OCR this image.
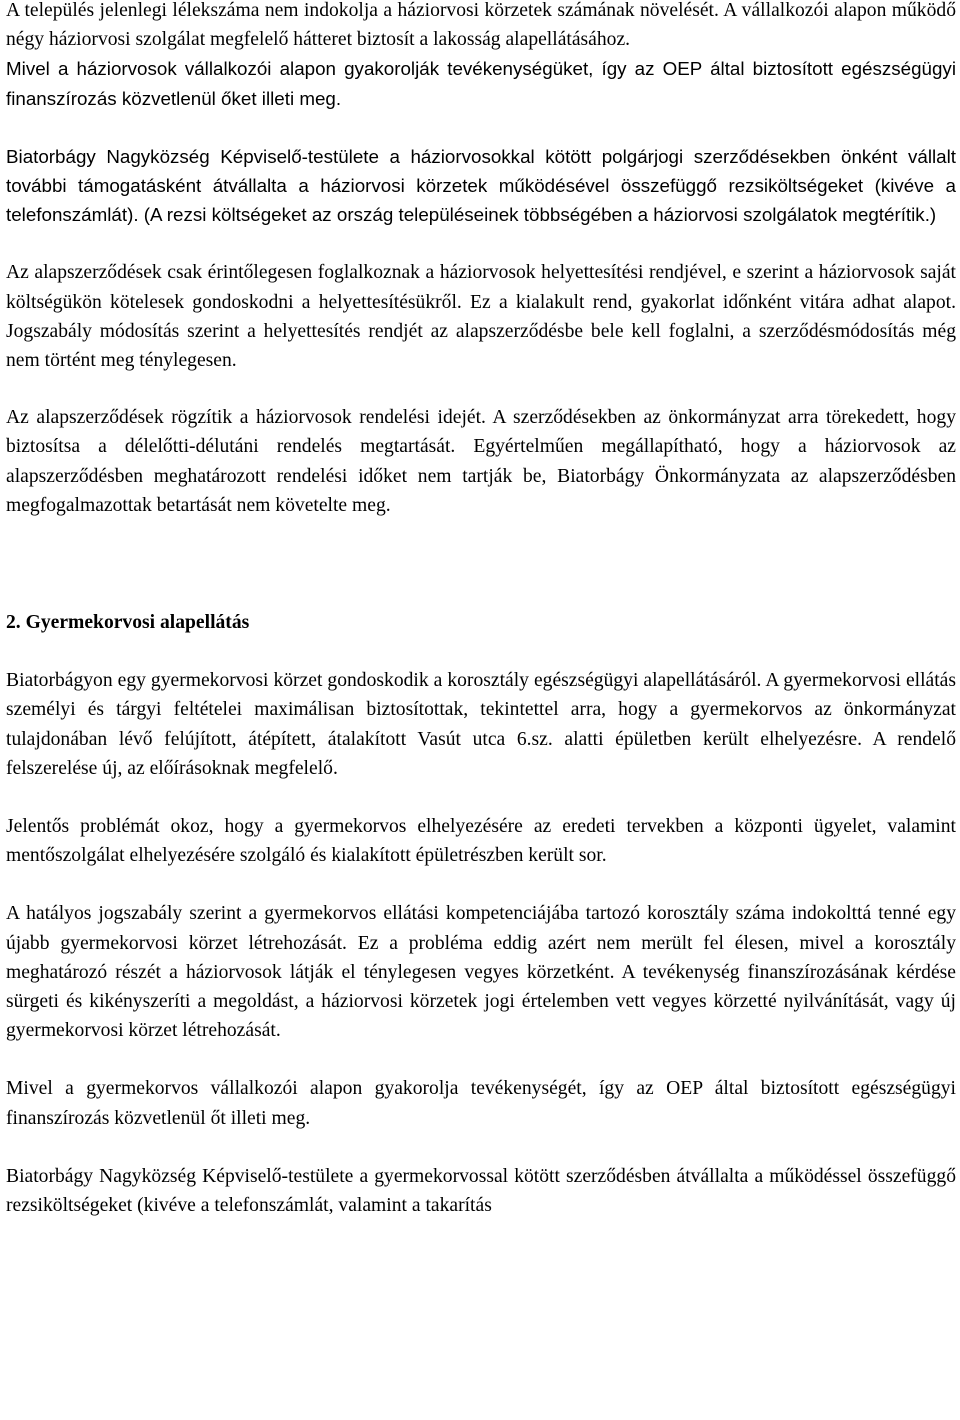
A település jelenlegi lélekszáma nem indokolja a háziorvosi körzetek számának növelését. A vállalkozói alapon működő négy háziorvosi szolgálat megfelelő hátteret biztosít a lakosság alapellátásához.

Mivel a háziorvosok vállalkozói alapon gyakorolják tevékenységüket, így az OEP által biztosított egészségügyi finanszírozás közvetlenül őket illeti meg.

Biatorbágy Nagyközség Képviselő-testülete a háziorvosokkal kötött polgárjogi szerződésekben önként vállalt további támogatásként átvállalta a háziorvosi körzetek működésével összefüggő rezsiköltségeket (kivéve a telefonszámlát). (A rezsi költségeket az ország településeinek többségében a háziorvosi szolgálatok megtérítik.)

Az alapszerződések csak érintőlegesen foglalkoznak a háziorvosok helyettesítési rendjével, e szerint a háziorvosok saját költségükön kötelesek gondoskodni a helyettesítésükről. Ez a kialakult rend, gyakorlat időnként vitára adhat alapot. Jogszabály módosítás szerint a helyettesítés rendjét az alapszerződésbe bele kell foglalni, a szerződésmódosítás még nem történt meg ténylegesen.

Az alapszerződések rögzítik a háziorvosok rendelési idejét. A szerződésekben az önkormányzat arra törekedett, hogy biztosítsa a délelőtti-délutáni rendelés megtartását. Egyértelműen megállapítható, hogy a háziorvosok az alapszerződésben meghatározott rendelési időket nem tartják be, Biatorbágy Önkormányzata az alapszerződésben megfogalmazottak betartását nem követelte meg.

2. Gyermekorvosi alapellátás

Biatorbágyon egy gyermekorvosi körzet gondoskodik a korosztály egészségügyi alapellátásáról. A gyermekorvosi ellátás személyi és tárgyi feltételei maximálisan biztosítottak, tekintettel arra, hogy a gyermekorvos az önkormányzat tulajdonában lévő felújított, átépített, átalakított Vasút utca 6.sz. alatti épületben került elhelyezésre. A rendelő felszerelése új, az előírásoknak megfelelő.

Jelentős problémát okoz, hogy a gyermekorvos elhelyezésére az eredeti tervekben a központi ügyelet, valamint mentőszolgálat elhelyezésére szolgáló és kialakított épületrészben került sor.

A hatályos jogszabály szerint a gyermekorvos ellátási kompetenciájába tartozó korosztály száma indokolttá tenné egy újabb gyermekorvosi körzet létrehozását. Ez a probléma eddig azért nem merült fel élesen, mivel a korosztály meghatározó részét a háziorvosok látják el ténylegesen vegyes körzetként. A tevékenység finanszírozásának kérdése sürgeti és kikényszeríti a megoldást, a háziorvosi körzetek jogi értelemben vett vegyes körzetté nyilvánítását, vagy új gyermekorvosi körzet létrehozását.

Mivel a gyermekorvos vállalkozói alapon gyakorolja tevékenységét, így az OEP által biztosított egészségügyi finanszírozás közvetlenül őt illeti meg.

Biatorbágy Nagyközség Képviselő-testülete a gyermekorvossal kötött szerződésben átvállalta a működéssel összefüggő rezsiköltségeket (kivéve a telefonszámlát, valamint a takarítás
